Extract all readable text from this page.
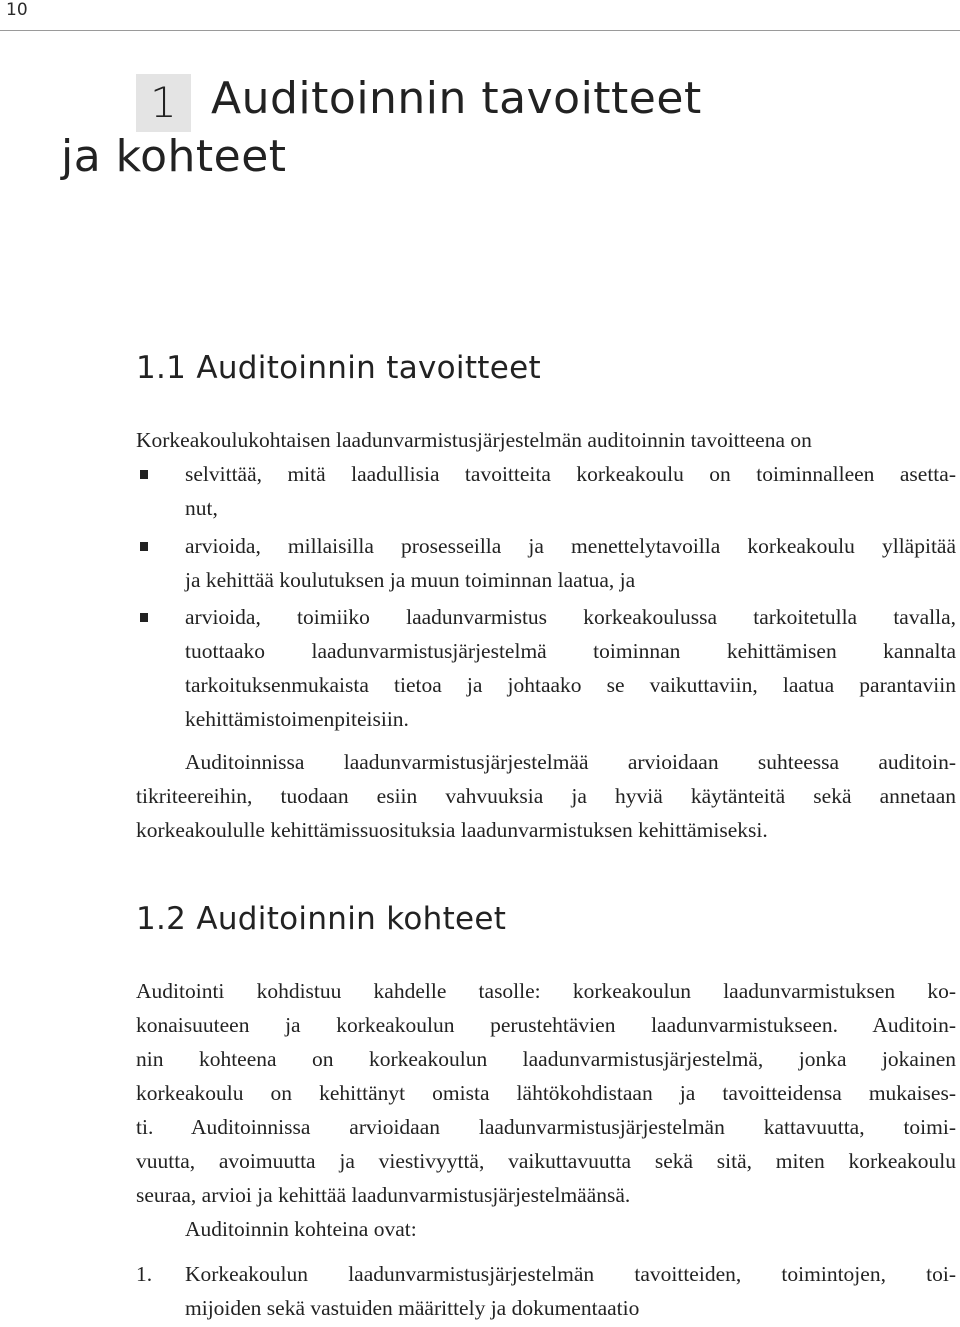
10
1 Auditoinnin tavoitteet
ja kohteet
1.1 Auditoinnin tavoitteet
Korkeakoulukohtaisen laadunvarmistusjärjestelmän auditoinnin tavoitteena on
selvittää, mitä laadullisia tavoitteita korkeakoulu on toiminnalleen asetta-
nut,
arvioida, millaisilla prosesseilla ja menettelytavoilla korkeakoulu ylläpitää
ja kehittää koulutuksen ja muun toiminnan laatua, ja
arvioida, toimiiko laadunvarmistus korkeakoulussa tarkoitetulla tavalla,
tuottaako laadunvarmistusjärjestelmä toiminnan kehittämisen kannalta
tarkoituksenmukaista tietoa ja johtaako se vaikuttaviin, laatua parantaviin
kehittämistoimenpiteisiin.
Auditoinnissa laadunvarmistusjärjestelmää arvioidaan suhteessa auditoin-
tikriteereihin, tuodaan esiin vahvuuksia ja hyviä käytänteitä sekä annetaan
korkeakoululle kehittämissuosituksia laadunvarmistuksen kehittämiseksi.
1.2 Auditoinnin kohteet
Auditointi kohdistuu kahdelle tasolle: korkeakoulun laadunvarmistuksen ko-
konaisuuteen ja korkeakoulun perustehtävien laadunvarmistukseen. Auditoin-
nin kohteena on korkeakoulun laadunvarmistusjärjestelmä, jonka jokainen
korkeakoulu on kehittänyt omista lähtökohdistaan ja tavoitteidensa mukaises-
ti. Auditoinnissa arvioidaan laadunvarmistusjärjestelmän kattavuutta, toimi-
vuutta, avoimuutta ja viestivyyttä, vaikuttavuutta sekä sitä, miten korkeakoulu
seuraa, arvioi ja kehittää laadunvarmistusjärjestelmäänsä.
Auditoinnin kohteina ovat:
1. Korkeakoulun laadunvarmistusjärjestelmän tavoitteiden, toimintojen, toi-
mijoiden sekä vastuiden määrittely ja dokumentaatio
